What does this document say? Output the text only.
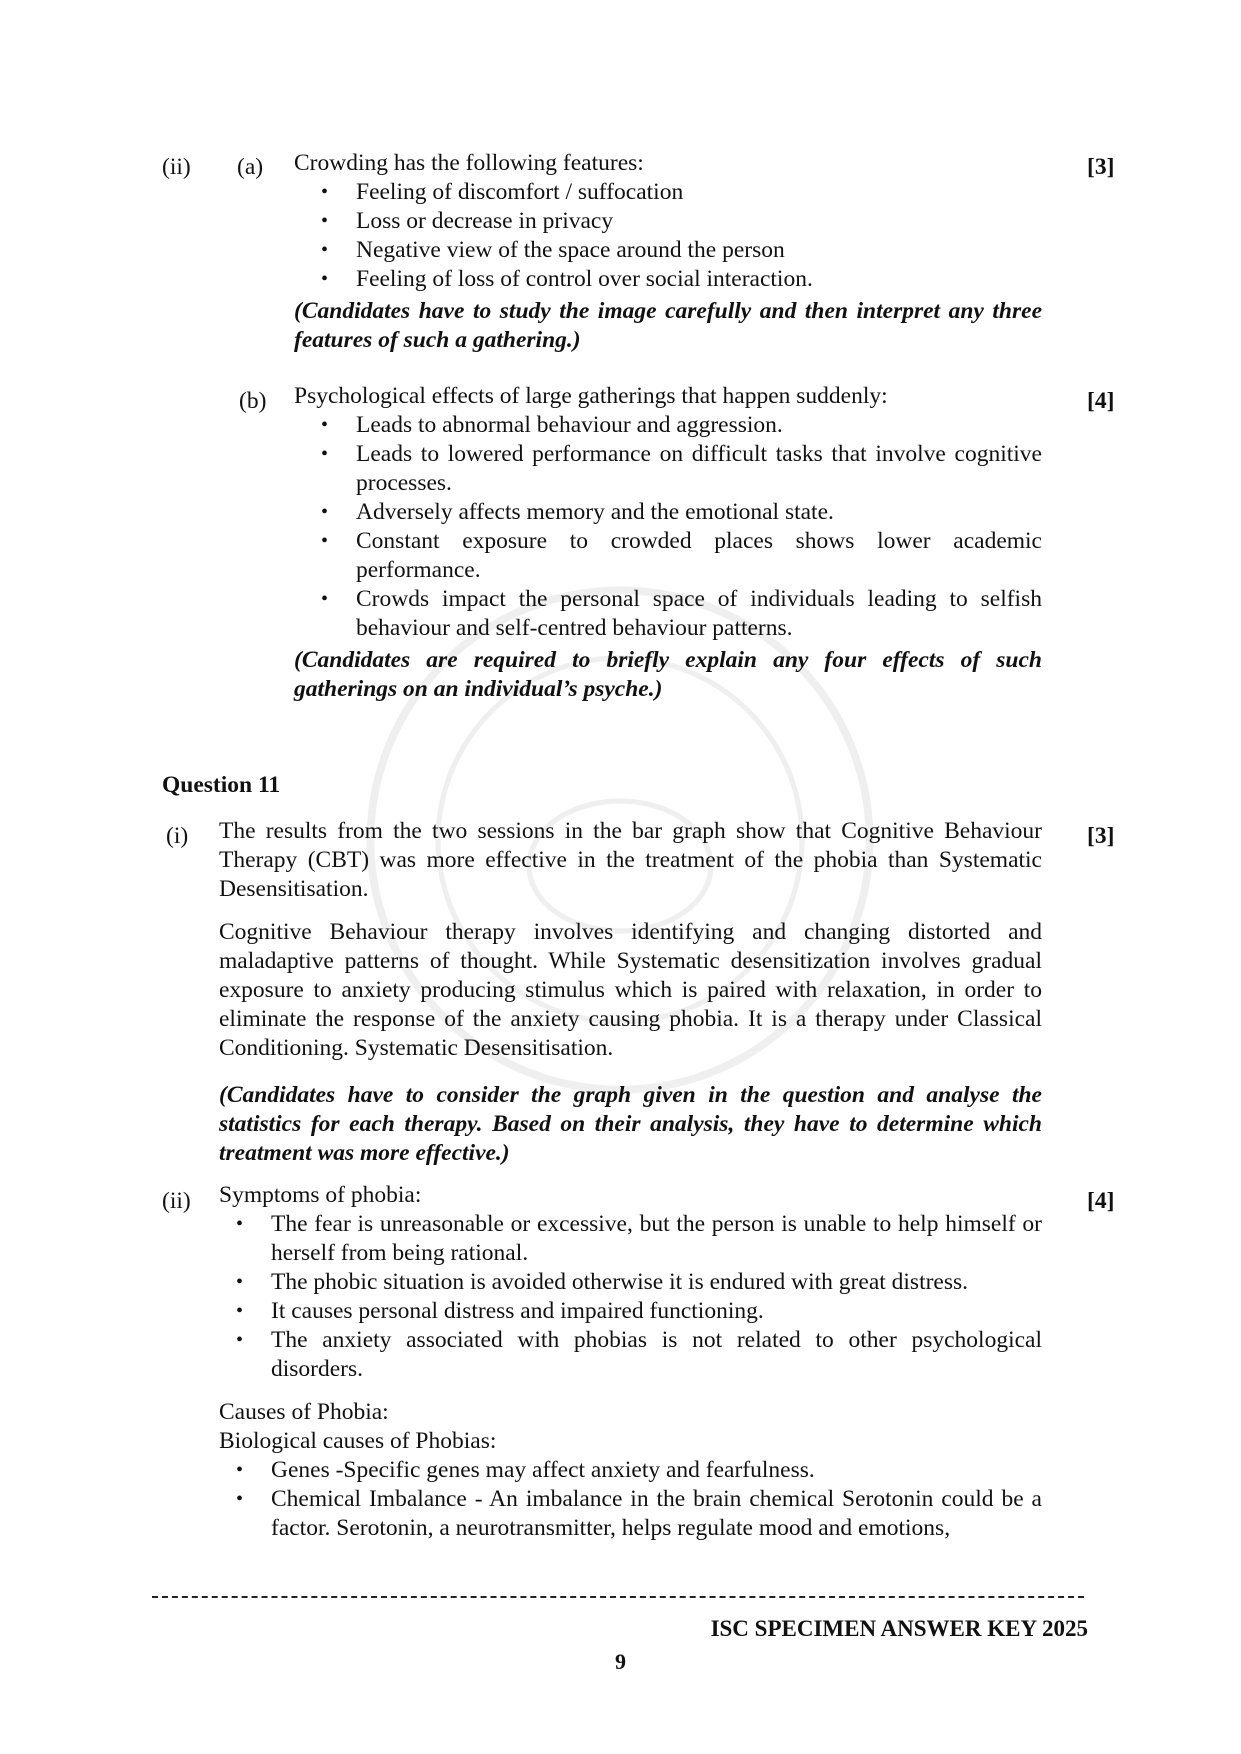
(ii) (a)	[3]
Crowding has the following features:
• Feeling of discomfort / suffocation
• Loss or decrease in privacy
• Negative view of the space around the person
• Feeling of loss of control over social interaction.
(Candidates have to study the image carefully and then interpret any three features of such a gathering.)
(b)	[4]
Psychological effects of large gatherings that happen suddenly:
• Leads to abnormal behaviour and aggression.
• Leads to lowered performance on difficult tasks that involve cognitive processes.
• Adversely affects memory and the emotional state.
• Constant exposure to crowded places shows lower academic performance.
• Crowds impact the personal space of individuals leading to selfish behaviour and self-centred behaviour patterns.
(Candidates are required to briefly explain any four effects of such gatherings on an individual’s psyche.)
Question 11
(i)	[3]
The results from the two sessions in the bar graph show that Cognitive Behaviour Therapy (CBT) was more effective in the treatment of the phobia than Systematic Desensitisation.
Cognitive Behaviour therapy involves identifying and changing distorted and maladaptive patterns of thought. While Systematic desensitization involves gradual exposure to anxiety producing stimulus which is paired with relaxation, in order to eliminate the response of the anxiety causing phobia. It is a therapy under Classical Conditioning. Systematic Desensitisation.
(Candidates have to consider the graph given in the question and analyse the statistics for each therapy. Based on their analysis, they have to determine which treatment was more effective.)
(ii)	[4]
Symptoms of phobia:
• The fear is unreasonable or excessive, but the person is unable to help himself or herself from being rational.
• The phobic situation is avoided otherwise it is endured with great distress.
• It causes personal distress and impaired functioning.
• The anxiety associated with phobias is not related to other psychological disorders.
Causes of Phobia:
Biological causes of Phobias:
• Genes -Specific genes may affect anxiety and fearfulness.
• Chemical Imbalance - An imbalance in the brain chemical Serotonin could be a factor. Serotonin, a neurotransmitter, helps regulate mood and emotions,
ISC SPECIMEN ANSWER KEY 2025
9
